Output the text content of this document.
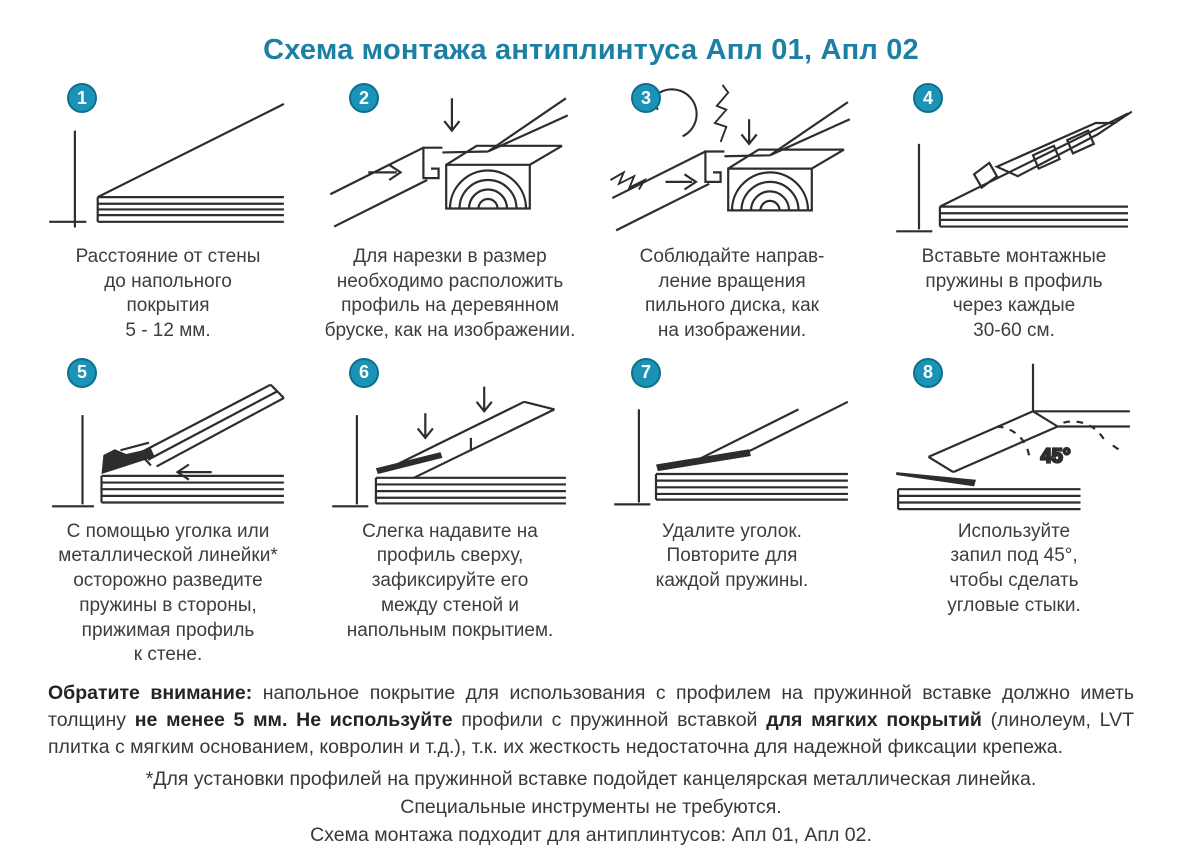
Схема монтажа антиплинтуса Апл 01, Апл 02
1
Расстояние от стены
до напольного
покрытия
5 - 12 мм.
2
Для нарезки в размер
необходимо расположить
профиль на деревянном
бруске, как на изображении.
3
Соблюдайте направ-
ление вращения
пильного диска, как
на изображении.
4
Вставьте монтажные
пружины в профиль
через каждые
30-60 см.
5
С помощью уголка или
металлической линейки*
осторожно разведите
пружины в стороны,
прижимая профиль
к стене.
6
Слегка надавите на
профиль сверху,
зафиксируйте его
между стеной и
напольным покрытием.
7
Удалите уголок.
Повторите для
каждой пружины.
8
45°
Используйте
запил под 45°,
чтобы сделать
угловые стыки.

Обратите внимание: напольное покрытие для использования с профилем на пружинной вставке должно иметь толщину не менее 5 мм. Не используйте профили с пружинной вставкой для мягких покрытий (линолеум, LVT плитка с мягким основанием, ковролин и т.д.), т.к. их жесткость недостаточна для надежной фиксации крепежа.

*Для установки профилей на пружинной вставке подойдет канцелярская металлическая линейка.
Специальные инструменты не требуются.
Схема монтажа подходит для антиплинтусов: Апл 01, Апл 02.
